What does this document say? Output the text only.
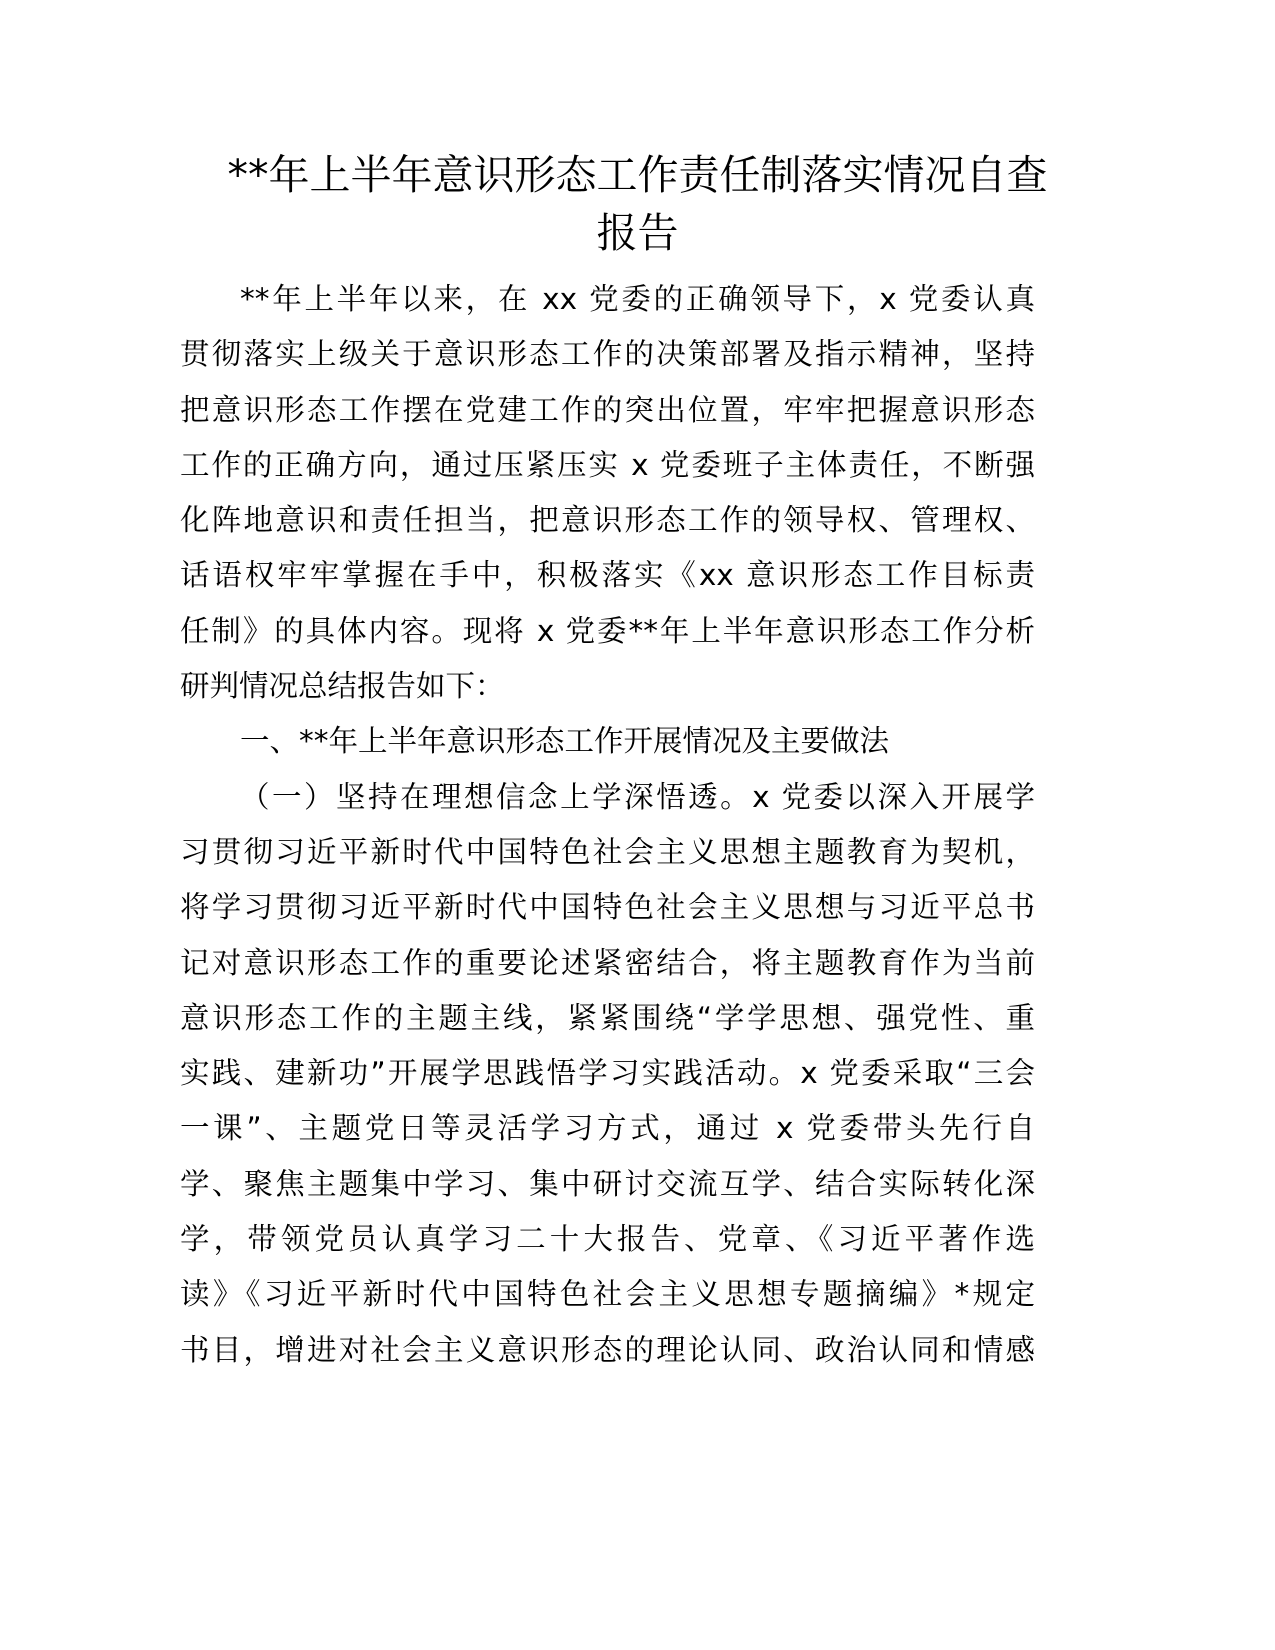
**年上半年意识形态工作责任制落实情况自查
报告
**年上半年以来，在 xx 党委的正确领导下，x 党委认真
贯彻落实上级关于意识形态工作的决策部署及指示精神，坚持
把意识形态工作摆在党建工作的突出位置，牢牢把握意识形态
工作的正确方向，通过压紧压实 x 党委班子主体责任，不断强
化阵地意识和责任担当，把意识形态工作的领导权、管理权、
话语权牢牢掌握在手中，积极落实《xx 意识形态工作目标责
任制》的具体内容。现将 x 党委**年上半年意识形态工作分析
研判情况总结报告如下：
一、**年上半年意识形态工作开展情况及主要做法
（一）坚持在理想信念上学深悟透。x 党委以深入开展学
习贯彻习近平新时代中国特色社会主义思想主题教育为契机，
将学习贯彻习近平新时代中国特色社会主义思想与习近平总书
记对意识形态工作的重要论述紧密结合，将主题教育作为当前
意识形态工作的主题主线，紧紧围绕“学学思想、强党性、重
实践、建新功”开展学思践悟学习实践活动。x 党委采取“三会
一课”、主题党日等灵活学习方式，通过 x 党委带头先行自
学、聚焦主题集中学习、集中研讨交流互学、结合实际转化深
学，带领党员认真学习二十大报告、党章、《习近平著作选
读》《习近平新时代中国特色社会主义思想专题摘编》*规定
书目，增进对社会主义意识形态的理论认同、政治认同和情感
